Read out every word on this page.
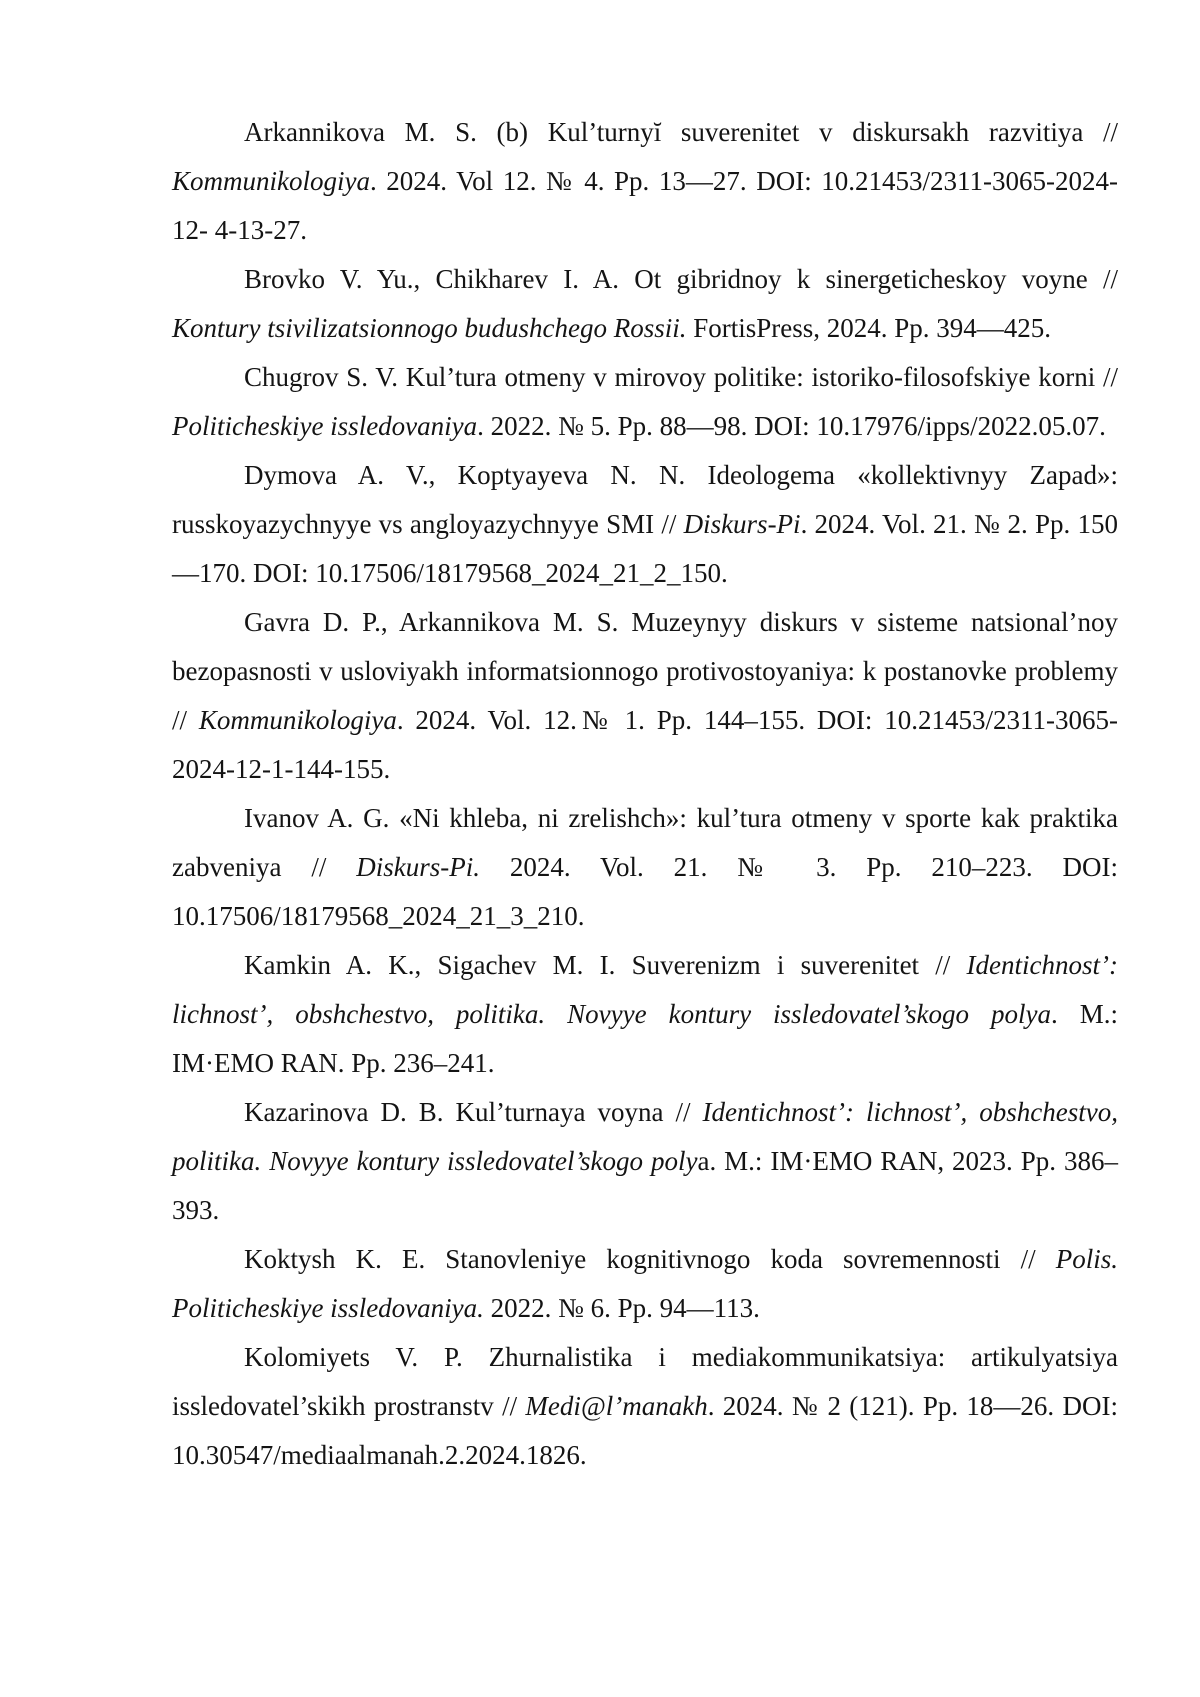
Arkannikova M. S. (b) Kul’turnyĭ suverenitet v diskursakh razvitiya // Kommunikologiya. 2024. Vol 12. № 4. Pp. 13—27. DOI: 10.21453/2311-3065-2024-12- 4-13-27.

Brovko V. Yu., Chikharev I. A. Ot gibridnoy k sinergeticheskoy voyne // Kontury tsivilizatsionnogo budushchego Rossii. FortisPress, 2024. Pp. 394—425.

Chugrov S. V. Kul’tura otmeny v mirovoy politike: istoriko-filosofskiye korni // Politicheskiye issledovaniya. 2022. № 5. Pp. 88—98. DOI: 10.17976/ipps/2022.05.07.

Dymova A. V., Koptyayeva N. N. Ideologema «kollektivnyy Zapad»: russkoyazychnyye vs angloyazychnyye SMI // Diskurs-Pi. 2024. Vol. 21. № 2. Pp. 150—170. DOI: 10.17506/18179568_2024_21_2_150.

Gavra D. P., Arkannikova M. S. Muzeynyy diskurs v sisteme natsional’noy bezopasnosti v usloviyakh informatsionnogo protivostoyaniya: k postanovke problemy // Kommunikologiya. 2024. Vol. 12.№ 1. Pp. 144–155. DOI: 10.21453/2311-3065-2024-12-1-144-155.

Ivanov A. G. «Ni khleba, ni zrelishch»: kul’tura otmeny v sporte kak praktika zabveniya // Diskurs-Pi. 2024. Vol. 21. № 3. Pp. 210–223. DOI: 10.17506/18179568_2024_21_3_210.

Kamkin A. K., Sigachev M. I. Suverenizm i suverenitet // Identichnost’: lichnost’, obshchestvo, politika. Novyye kontury issledovatel’skogo polya. M.: IM·EMO RAN. Pp. 236–241.

Kazarinova D. B. Kul’turnaya voyna // Identichnost’: lichnost’, obshchestvo, politika. Novyye kontury issledovatel’skogo polya. M.: IM·EMO RAN, 2023. Pp. 386–393.

Koktysh K. E. Stanovleniye kognitivnogo koda sovremennosti // Polis. Politicheskiye issledovaniya. 2022. № 6. Pp. 94—113.

Kolomiyets V. P. Zhurnalistika i mediakommunikatsiya: artikulyatsiya issledovatel’skikh prostranstv // Medi@l’manakh. 2024. № 2 (121). Pp. 18—26. DOI: 10.30547/mediaalmanah.2.2024.1826.
